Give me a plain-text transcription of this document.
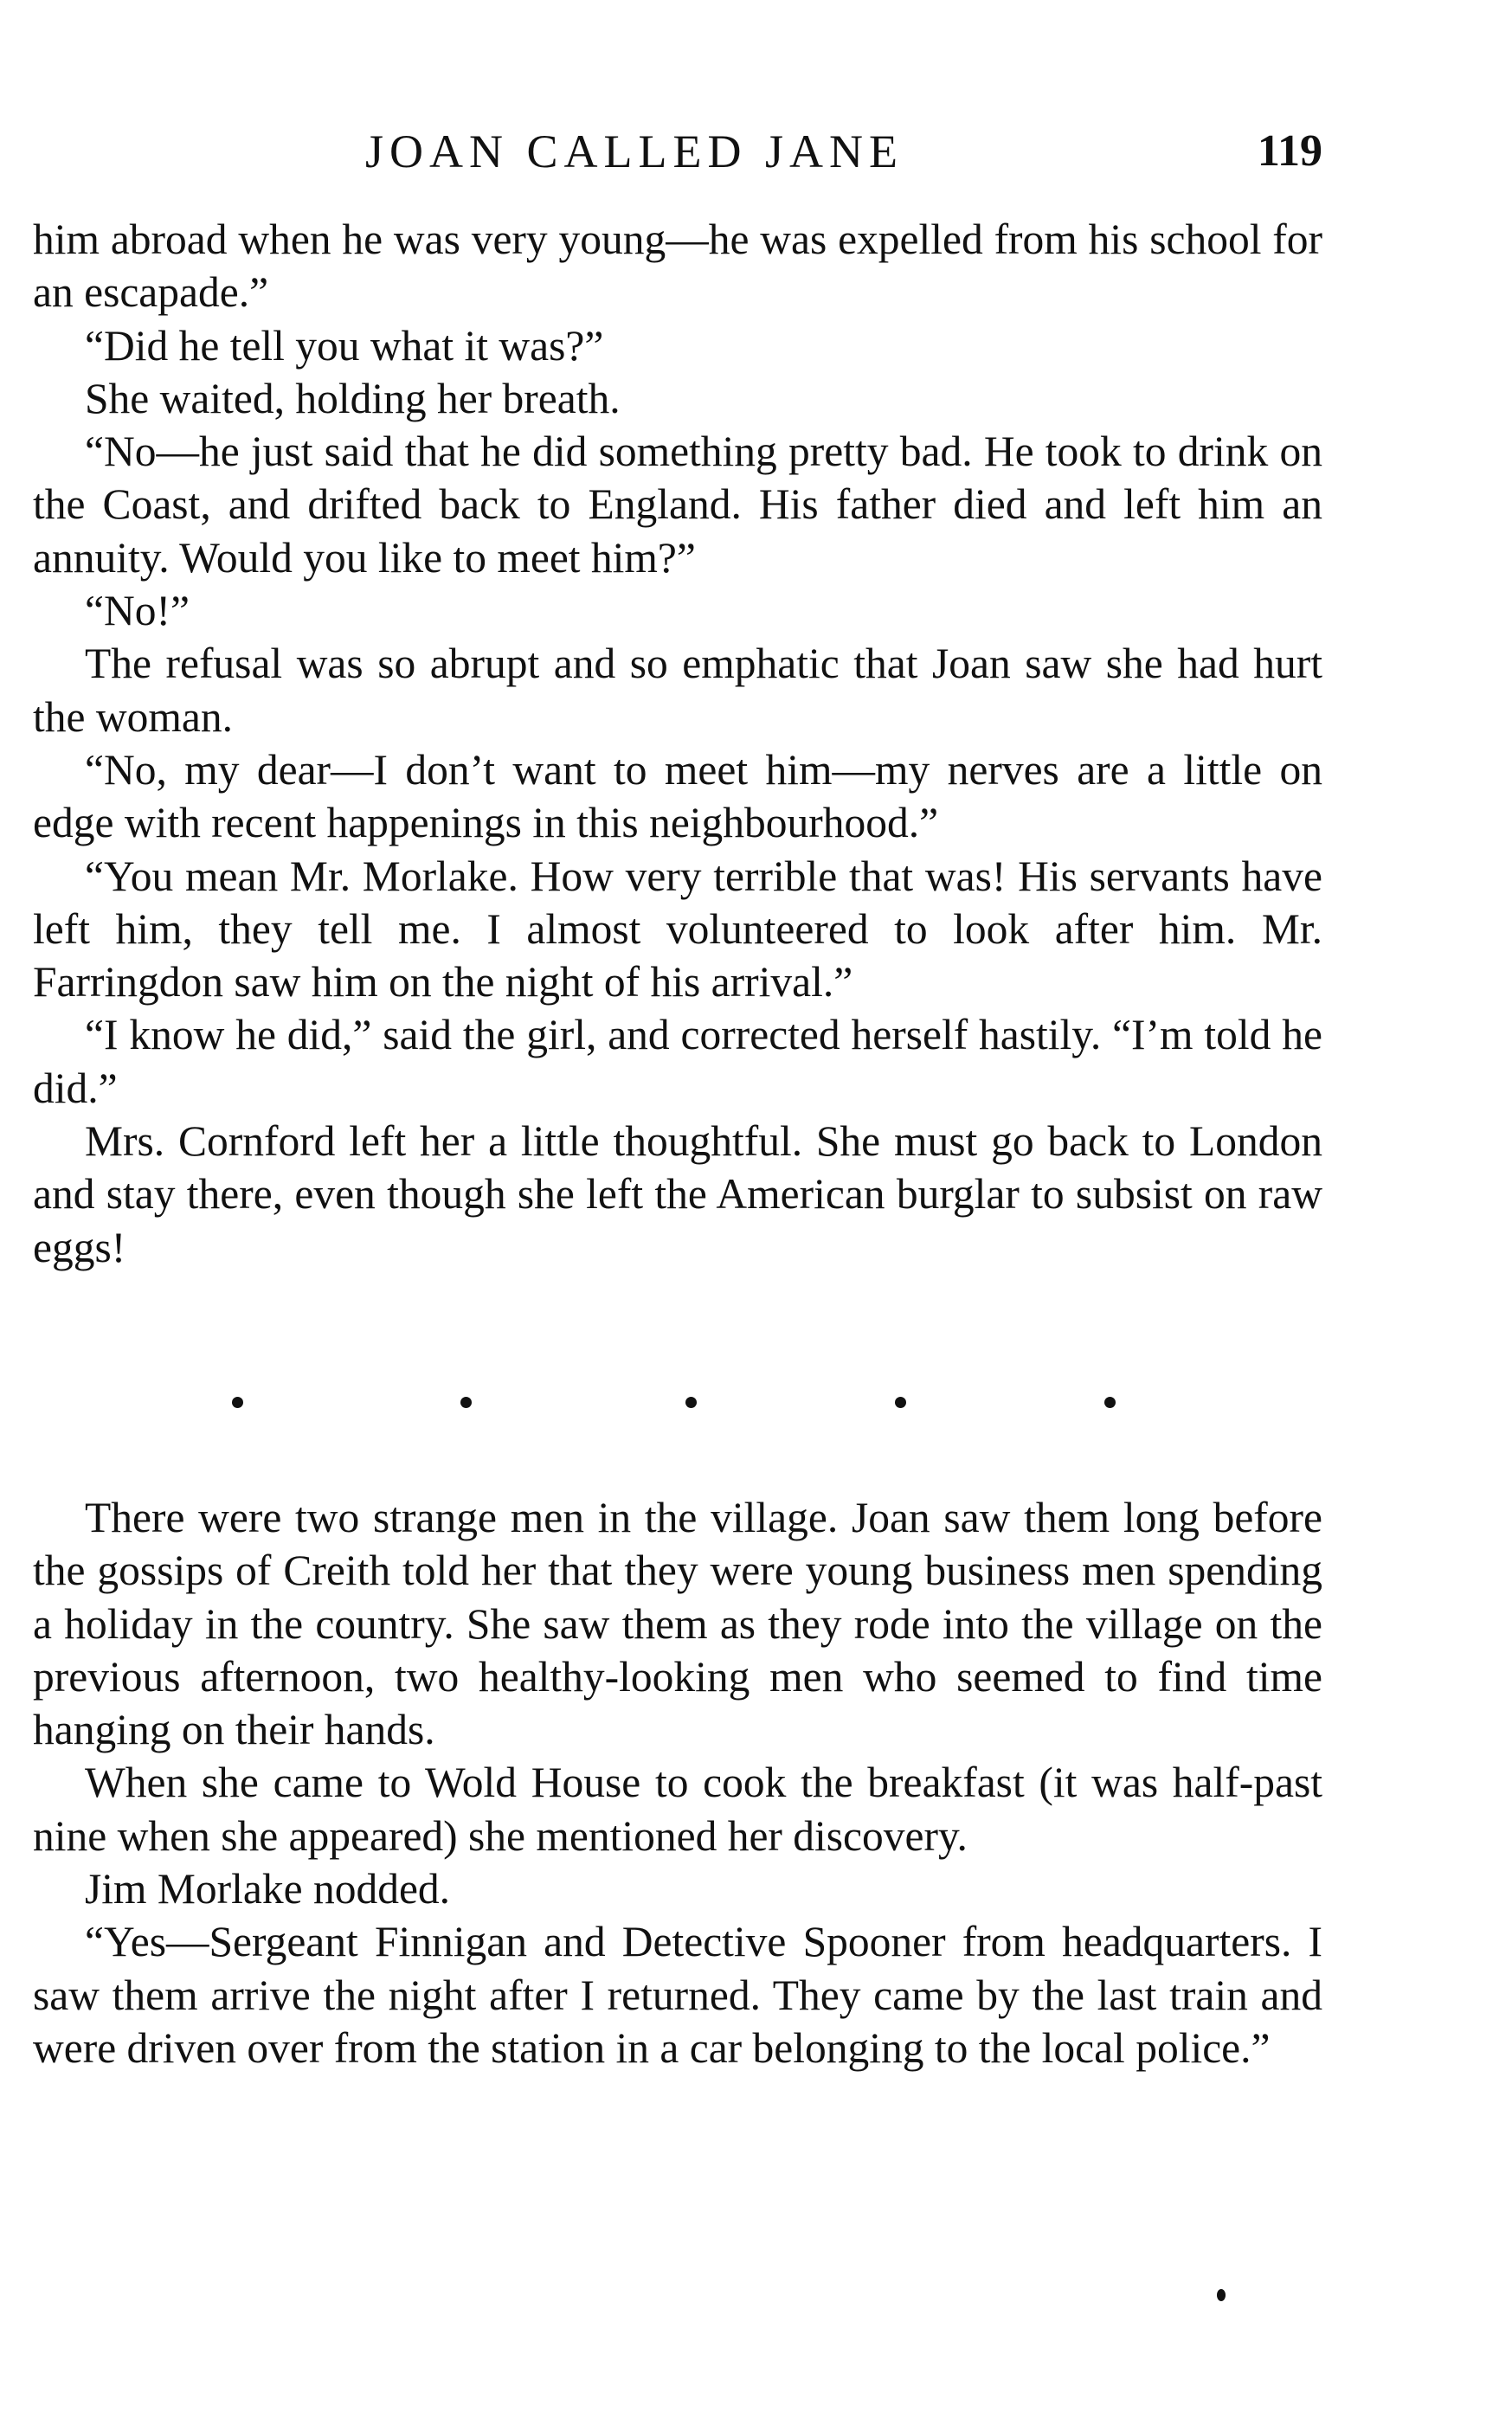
JOAN CALLED JANE	119

him abroad when he was very young—he was expelled from his school for an escapade.”

“Did he tell you what it was?”

She waited, holding her breath.

“No—he just said that he did something pretty bad. He took to drink on the Coast, and drifted back to England. His father died and left him an annuity. Would you like to meet him?”

“No!”

The refusal was so abrupt and so emphatic that Joan saw she had hurt the woman.

“No, my dear—I don’t want to meet him—my nerves are a little on edge with recent happenings in this neighbourhood.”

“You mean Mr. Morlake. How very terrible that was! His servants have left him, they tell me. I almost volunteered to look after him. Mr. Farringdon saw him on the night of his arrival.”

“I know he did,” said the girl, and corrected herself hastily. “I’m told he did.”

Mrs. Cornford left her a little thoughtful. She must go back to London and stay there, even though she left the American burglar to subsist on raw eggs!

There were two strange men in the village. Joan saw them long before the gossips of Creith told her that they were young business men spending a holiday in the country. She saw them as they rode into the village on the previous afternoon, two healthy-looking men who seemed to find time hanging on their hands.

When she came to Wold House to cook the breakfast (it was half-past nine when she appeared) she mentioned her discovery.

Jim Morlake nodded.

“Yes—Sergeant Finnigan and Detective Spooner from headquarters. I saw them arrive the night after I returned. They came by the last train and were driven over from the station in a car belonging to the local police.”
